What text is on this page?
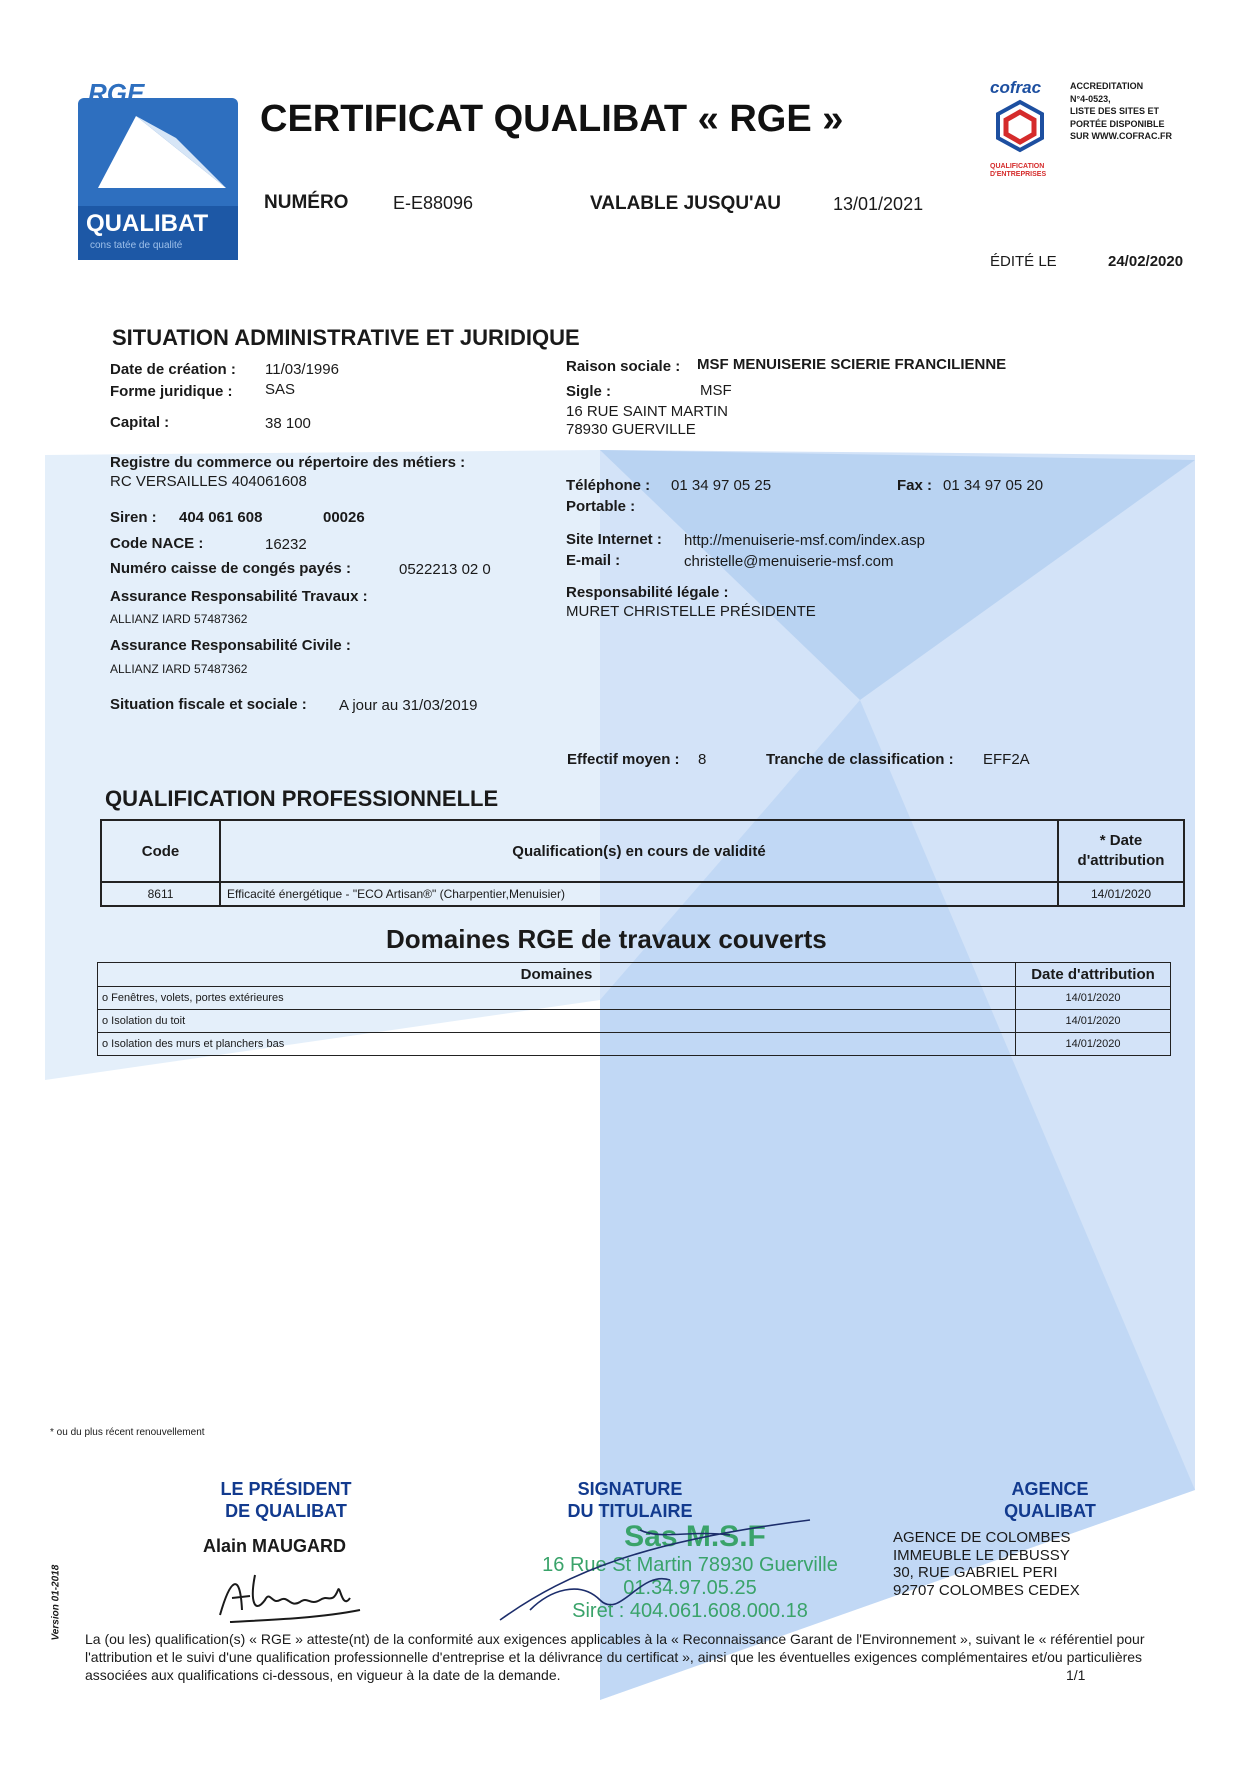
RGE
QUALIBAT
cons tatée de qualité
CERTIFICAT QUALIBAT « RGE »
NUMÉRO E-E88096	VALABLE JUSQU'AU	13/01/2021
ÉDITÉ LE	24/02/2020
cofrac
QUALIFICATION D'ENTREPRISES
ACCREDITATION
N°4-0523,
LISTE DES SITES ET
PORTÉE DISPONIBLE
SUR WWW.COFRAC.FR
SITUATION ADMINISTRATIVE ET JURIDIQUE
Date de création : 11/03/1996
Forme juridique : SAS
Capital :	38 100
Registre du commerce ou répertoire des métiers :
RC VERSAILLES 404061608
Siren : 404 061 608	00026
Code NACE :	16232
Numéro caisse de congés payés :	0522213 02 0
Assurance Responsabilité Travaux :
ALLIANZ IARD 57487362
Assurance Responsabilité Civile :
ALLIANZ IARD 57487362
Situation fiscale et sociale : A jour au 31/03/2019
Raison sociale : MSF MENUISERIE SCIERIE FRANCILIENNE
Sigle :	MSF
16 RUE SAINT MARTIN
78930 GUERVILLE
Téléphone : 01 34 97 05 25	Fax : 01 34 97 05 20
Portable :
Site Internet : http://menuiserie-msf.com/index.asp
E-mail :	christelle@menuiserie-msf.com
Responsabilité légale :
MURET CHRISTELLE PRÉSIDENTE
Effectif moyen : 8	Tranche de classification : EFF2A
QUALIFICATION PROFESSIONNELLE
Code	Qualification(s) en cours de validité	* Date
d'attribution

8611	Efficacité énergétique - "ECO Artisan®" (Charpentier,Menuisier)	14/01/2020
Domaines RGE de travaux couverts
Domaines	Date d'attribution
o Fenêtres, volets, portes extérieures	14/01/2020
o Isolation du toit	14/01/2020
o Isolation des murs et planchers bas	14/01/2020
* ou du plus récent renouvellement
LE PRÉSIDENT
DE QUALIBAT
Alain MAUGARD
SIGNATURE
DU TITULAIRE
Sas M.S.F
16 Rue St Martin 78930 Guerville
01.34.97.05.25
Siret : 404.061.608.000.18
AGENCE
QUALIBAT
AGENCE DE COLOMBES
IMMEUBLE LE DEBUSSY
30, RUE GABRIEL PERI
92707 COLOMBES CEDEX
Version 01-2018 La (ou les) qualification(s) « RGE » atteste(nt) de la conformité aux exigences applicables à la « Reconnaissance Garant de l'Environnement », suivant le « référentiel pour l'attribution et le suivi d'une qualification professionnelle d'entreprise et la délivrance du certificat », ainsi que les éventuelles exigences complémentaires et/ou particulières associées aux qualifications ci-dessous, en vigueur à la date de la demande.	1/1
